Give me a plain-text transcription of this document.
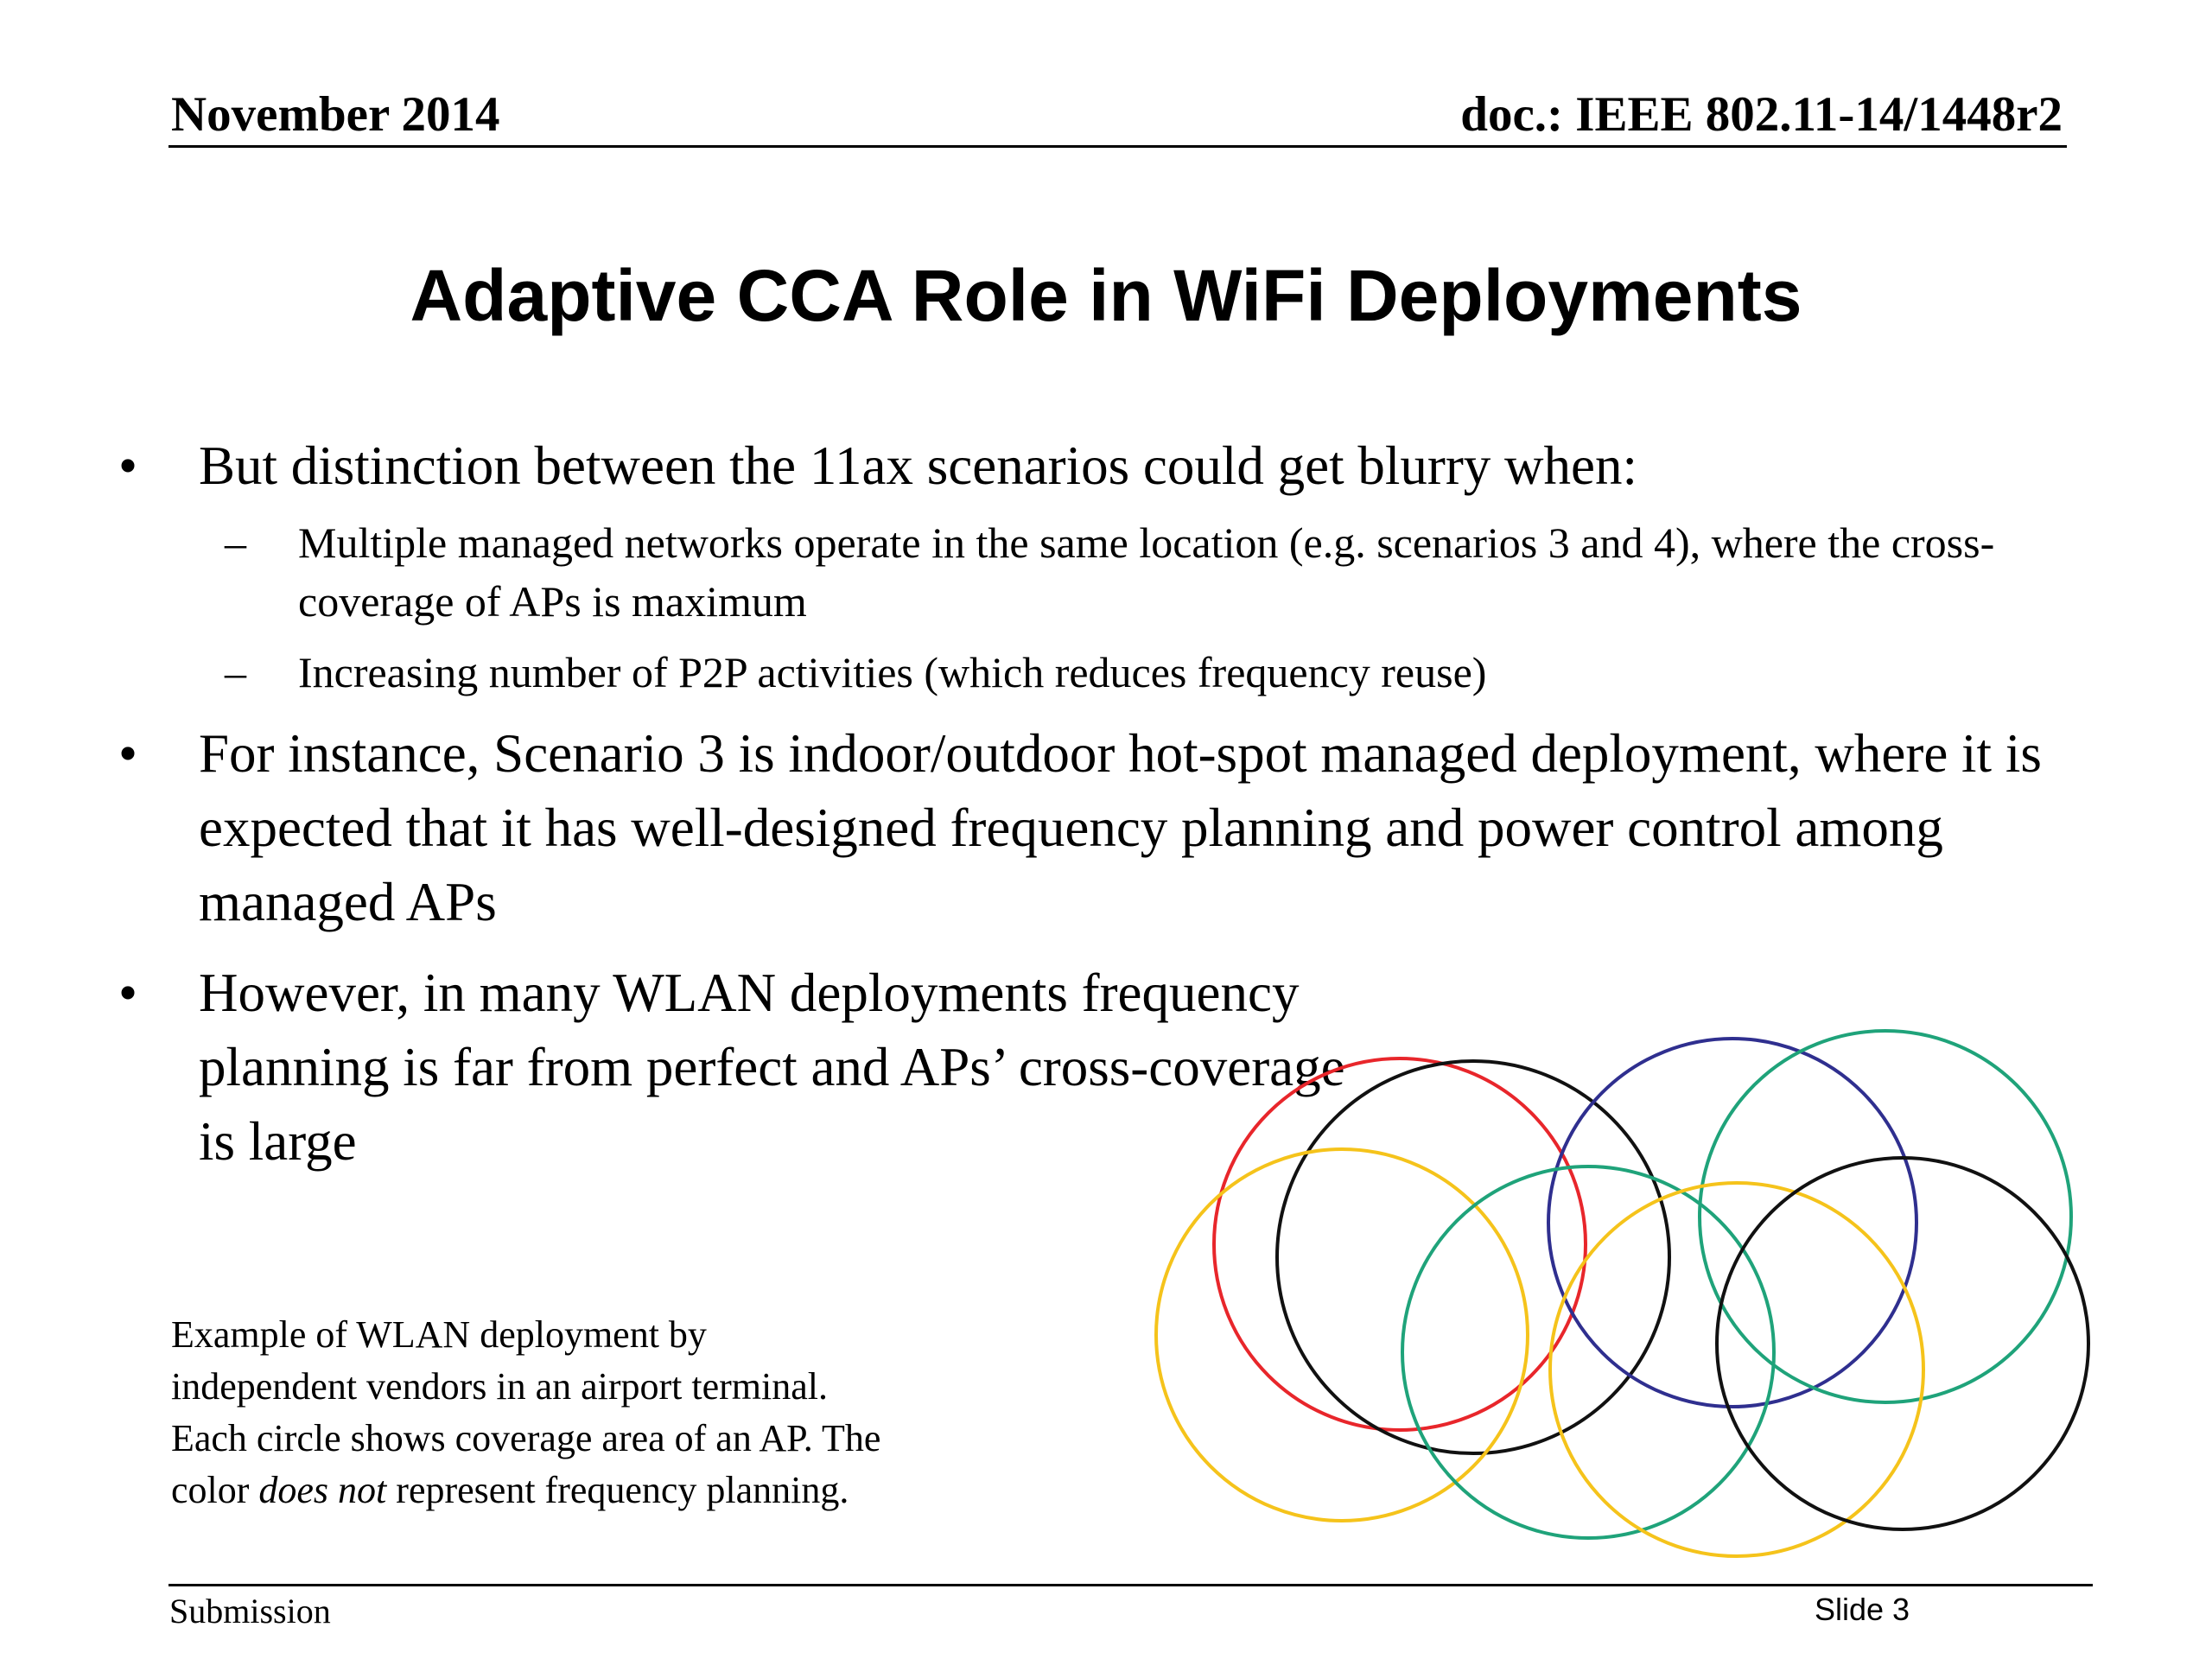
November 2014	doc.: IEEE 802.11-14/1448r2
Adaptive CCA Role in WiFi Deployments
• But distinction between the 11ax scenarios could get blurry when:
– Multiple managed networks operate in the same location (e.g. scenarios 3 and 4), where the cross-coverage of APs is maximum
– Increasing number of P2P activities (which reduces frequency reuse)
• For instance, Scenario 3 is indoor/outdoor hot-spot managed deployment, where it is expected that it has well-designed frequency planning and power control among managed APs
• However, in many WLAN deployments frequency planning is far from perfect and APs’ cross-coverage is large
Example of WLAN deployment by
independent vendors in an airport terminal.
Each circle shows coverage area of an AP. The
color does not represent frequency planning.
Submission	Slide 3
